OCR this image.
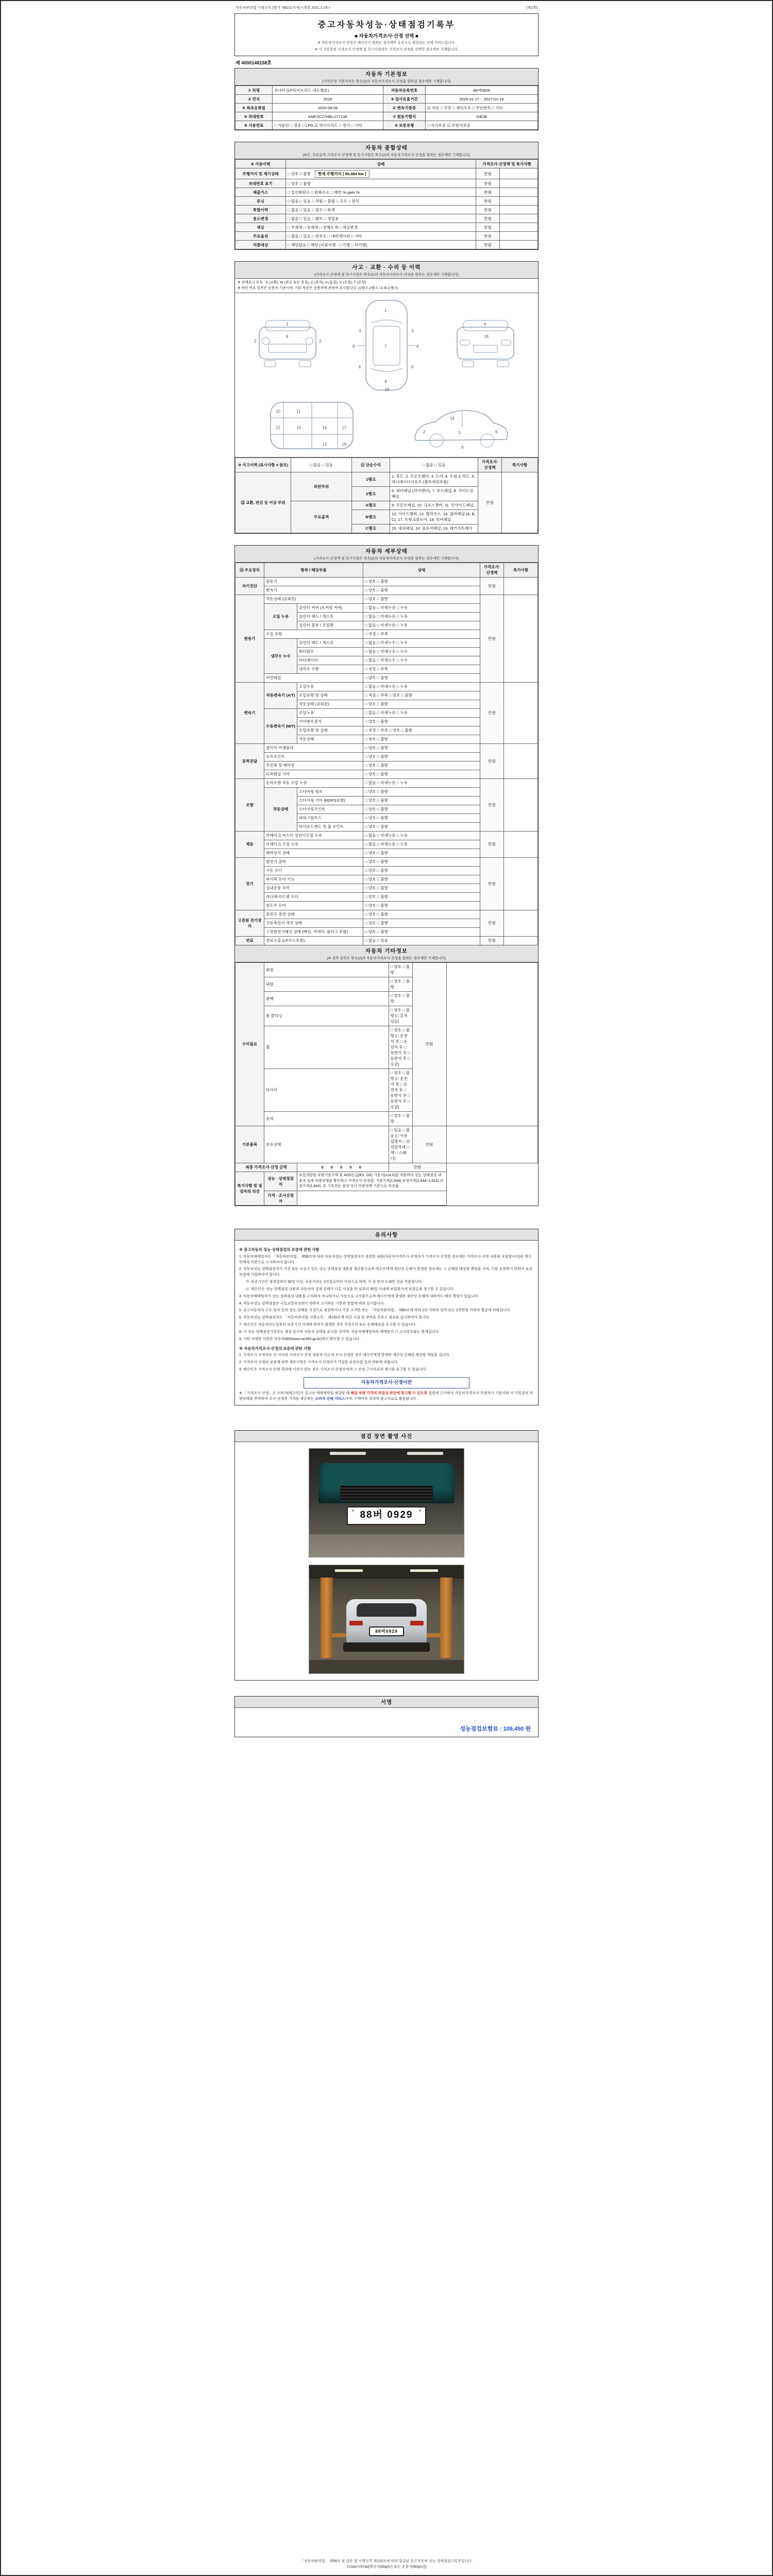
자동차관리법 시행규칙 [별지 제82호서식] <개정 2021.1.19.>	(제1쪽)
중고자동차성능·상태점검기록부
■ 자동차가격조사·산정 선택 ■
※ 자동차가격조사·산정은 매수인이 원하는 경우에만 유상으로 제공되는 선택 서비스입니다.
※ 이 기록부의 가격조사·산정액 및 특기사항란은 가격조사·산정을 선택한 경우에만 기재합니다.
제 4000148158호
자동차 기본정보
(가격산정 기준가격은 복수(2)의 자동차가격조사·산정을 원하실 경우에만 기재합니다)
① 차명	쏘나타 (LF하이브리드 네오밸류)	자동차등록번호	88버0929
② 연식	2020	③ 검사유효기간	2026-01-17 ~ 2027-01-16
④ 최초등록일	2020-06-06	⑤ 변속기종류	☑ 자동 □ 수동 □ 세미오토 □ 무단변속 □ 기타
⑥ 차대번호	KMF2C27HBLU77139	⑦ 원동기형식	D4CB
⑧ 사용연료	□ 가솔린 □ 경유 □ LPG ☑ 하이브리드 □ 전기 □ 기타	⑨ 보증유형	□ 자가보증 ☑ 보험사보증
자동차 종합상태
(※은, 주요골격·가격조사·산정액 및 특기사항은 복수(2)의 자동차가격조사·산정을 원하는 경우에만 기재합니다)
⑨ 사용이력	상태	가격조사·산정액 및 특기사항	
주행거리 및 계기상태	□ 양호 □ 불량 현재 주행거리 [ 90,484 km ]	만원	
차대번호 표기	□ 양호 □ 불량	만원	
배출가스	□ 일산화탄소 □ 탄화수소 □ 매연 % ppm %	만원	
튜닝	□ 없음 □ 있음 □ 적법 □ 불법 □ 구조 □ 장치	만원	
특별이력	□ 없음 □ 있음 □ 침수 □ 화재	만원	
용도변경	□ 없음 □ 있음 □ 렌트 □ 영업용	만원	
색상	□ 무채색 □ 유채색 □ 전체도색 □ 색상변경	만원	
주요옵션	□ 없음 □ 있음 □ 썬루프 □ 네비게이션 □ 기타	만원	
리콜대상	□ 해당없음 □ 해당 (리콜이행 : □ 이행 □ 미이행)	만원	
사고 · 교환 · 수리 등 이력
(가격조사·산정액 및 특기사항은 복수(2)의 자동차가격조사·산정을 원하는 경우에만 기재합니다)
※ 상태표시 부호 : X (교환), W (판금 또는 용접), C (부식), A (흠집), U (요철), T (손상)
※ 하단 번호 항목은 승용차 기준이며, 기타 차종은 승용차에 준하여 표시합니다. (1랭크·2랭크 / A·B·C랭크)
9
1
2	2
1
7
4
3	3
6	6
18
8	8
18
4
10	11
12	15	16	17
13	19
14
2	3	6
8
⑩ 사고이력 (표시사항 4 참조)	□ 없음 □ 있음	⑪ 단순수리	□ 없음 □ 있음	가격조사·산정액	특기사항
⑫ 교환, 판금 등 이상 부위	외판부위	1랭크	1. 후드, 2. 프론트펜더, 3. 도어, 4. 트렁크 리드, 5. 라디에이터서포트 (볼트체결부품)	만원	
		2랭크	6. 쿼터패널 (리어펜더), 7. 루프패널, 8. 사이드실패널		
	주요골격	A랭크	9. 프론트패널, 10. 크로스멤버, 11. 인사이드패널		
		B랭크	12. 사이드멤버, 13. 휠하우스, 14. 필러패널 (A, B, C), 17. 트렁크플로어, 18. 리어패널		
		C랭크	15. 대쉬패널, 16. 플로어패널, 19. 패키지트레이		
자동차 세부상태
(가격조사·산정액 및 특기사항은 복수(2)의 자동차가격조사·산정을 원하는 경우에만 기재합니다)
⑬ 주요장치	항목 / 해당부품		상태	가격조사·산정액	특기사항
자기진단	원동기		□ 양호 □ 불량	만원	
	변속기		□ 양호 □ 불량		
원동기	작동상태 (공회전)		□ 양호 □ 불량	만원	
	오일 누유	실린더 커버 (로커암 커버)	□ 없음 □ 미세누유 □ 누유		
		실린더 헤드 / 개스킷	□ 없음 □ 미세누유 □ 누유		
		실린더 블록 / 오일팬	□ 없음 □ 미세누유 □ 누유		
	오일 유량		□ 적정 □ 부족		
	냉각수 누수	실린더 헤드 / 개스킷	□ 없음 □ 미세누수 □ 누수		
		워터펌프	□ 없음 □ 미세누수 □ 누수		
		라디에이터	□ 없음 □ 미세누수 □ 누수		
		냉각수 수량	□ 적정 □ 부족		
	커먼레일		□ 양호 □ 불량		
변속기	자동변속기 (A/T)	오일누유	□ 없음 □ 미세누유 □ 누유	만원	
		오일유량 및 상태	□ 적정 □ 부족 □ 양호 □ 불량		
		작동상태 (공회전)	□ 양호 □ 불량		
	수동변속기 (M/T)	오일누유	□ 없음 □ 미세누유 □ 누유		
		기어변속장치	□ 양호 □ 불량		
		오일유량 및 상태	□ 적정 □ 부족 □ 양호 □ 불량		
		작동상태	□ 양호 □ 불량		
동력전달	클러치 어셈블리		□ 양호 □ 불량	만원	
	등속조인트		□ 양호 □ 불량		
	추진축 및 베어링		□ 양호 □ 불량		
	디퍼렌셜 기어		□ 양호 □ 불량		
조향	동력조향 작동 오일 누유		□ 없음 □ 미세누유 □ 누유	만원	
	작동상태	스티어링 펌프	□ 양호 □ 불량		
		스티어링 기어 (MDPS포함)	□ 양호 □ 불량		
		스티어링조인트	□ 양호 □ 불량		
		파워고압호스	□ 양호 □ 불량		
		타이로드엔드 및 볼 조인트	□ 양호 □ 불량		
제동	브레이크 마스터 실린더오일 누유		□ 없음 □ 미세누유 □ 누유	만원	
	브레이크 오일 누유		□ 없음 □ 미세누유 □ 누유		
	배력장치 상태		□ 양호 □ 불량		
전기	발전기 출력		□ 양호 □ 불량	만원	
	시동 모터		□ 양호 □ 불량		
	와이퍼 모터 기능		□ 양호 □ 불량		
	실내송풍 모터		□ 양호 □ 불량		
	라디에이터 팬 모터		□ 양호 □ 불량		
	윈도우 모터		□ 양호 □ 불량		
고전원 전기장치	충전구 절연 상태		□ 양호 □ 불량	만원	
	구동축전지 격리 상태		□ 양호 □ 불량		
	고전원전기배선 상태 (배선, 커넥터, 플러그 포함)		□ 양호 □ 불량		
연료	연료누출 (LP가스포함)		□ 없음 □ 있음	만원	
자동차 기타정보
(※ 장착 항목은 복수(2)의 자동차가격조사·산정을 원하는 경우에만 기재합니다)
수리필요	외장		□ 양호 □ 불량	만원	
	내장		□ 양호 □ 불량		
	광택		□ 양호 □ 불량		
	룸 클리닝		□ 양호 □ 불량 (□ 흔적있음)		
	휠		□ 양호 □ 불량 (□ 운전석 전 □ 운전석 후 □ 동반석 전 □ 동반석 후 □ 응급)		
	타이어		□ 양호 □ 불량 (□ 운전석 전 □ 운전석 후 □ 동반석 전 □ 동반석 후 □ 응급)		
	유리		□ 양호 □ 불량		
기본품목	보유상태		□ 있음 □ 없음 (□ 사용설명서 □ 안전삼각대 □ 잭 □ 스패너)	만원	
최종 가격조사·산정 금액		0 0 0 0 0	만원		
특기사항 및 점검자의 의견	성능 · 상태점검자	보험개발원 차량기준가액 및 AOS등급(EX, DS) 기준서(v14.0)를 적용하여 성능·상태점검 내용과 실제 차량상태를 확인하고 가격조사·산정함. 기준가격(1,644) 보정가격(1,644~1,913) 산정가격(1,644). 본 기록부는 점검 당시 차량상태 기준으로 작성됨.			
	가격 · 조사산정자				
유의사항
※ 중고자동차 성능·상태점검의 보증에 관한 사항
1. 자동차매매업자는 「자동차관리법」 제58조에 따라 자동차성능·상태점검자가 점검한 내용(자동차가격조사·산정자가 가격조사·산정한 경우에는 가격조사·산정 내용을 포함합니다)을 매수인에게 서면으로 고지하여야 합니다.
2. 자동차성능·상태점검자가 거짓 또는 오류가 있는 성능·상태점검 내용을 제공함으로써 매수인에게 재산상 손해가 발생한 경우에는 그 손해를 배상할 책임을 지며, 이를 보장하기 위하여 보증보험에 가입하여야 합니다.
가. 보증기간은 점검일부터 30일 이상, 보증거리는 2천킬로미터 이상으로 하며, 이 중 먼저 도래한 것을 적용합니다.
나. 매수인은 성능·상태점검 내용과 자동차의 실제 상태가 다른 사실을 안 날부터 30일 이내에 보험회사에 보험금을 청구할 수 있습니다.
3. 자동차매매업자가 성능·상태점검 내용을 고지하지 아니하거나 거짓으로 고지함으로써 매수인에게 발생한 재산상 손해에 대하여도 배상 책임이 있습니다.
4. 자동차성능·상태점검은 국토교통부장관이 정하여 고시하는 기준과 방법에 따라 실시합니다.
5. 중고자동차의 구조·장치 등의 성능·상태를 거짓으로 점검하거나 거짓 고지한 자는 「자동차관리법」 제80조에 따라 2년 이하의 징역 또는 2천만원 이하의 벌금에 처해집니다.
6. 자동차성능·상태점검자는 「자동차관리법 시행규칙」 제120조에 따른 시설 및 장비를 갖추고 점검을 실시하여야 합니다.
7. 매수인은 자동차인도일부터 보증기간 이내에 하자가 발생한 경우 무상수리 또는 손해배상을 요구할 수 있습니다.
8. 이 성능·상태점검기록부는 점검 당시의 자동차 상태를 표시한 것이며, 자동차매매업자의 매매알선 시 고지의무와는 별개입니다.
9. 기타 자세한 사항은 자동차365(www.car365.go.kr)에서 확인할 수 있습니다.
※ 자동차가격조사·산정의 보증에 관한 사항
1. 가격조사·산정자는 이 서식의 가격조사·산정 내용과 다르게 조사·산정한 경우 매수인에게 발생한 재산상 손해를 배상할 책임을 집니다.
2. 가격조사·산정의 보증에 관한 세부사항은 가격조사·산정자가 가입한 보증보험 등의 약관에 따릅니다.
3. 매수인은 가격조사·산정 결과에 이의가 있는 경우 가격조사·산정자에게 그 산정 근거자료의 제시를 요구할 수 있습니다.
자동차가격조사·산정이란
※ 「가격조사·산정」은 소비자(매수인)가 중고차 매매계약을 체결할 때 해당 차량 가격의 적절성 판단에 참고할 수 있도록 법령에 근거하여 자동차가격조사·산정자가 기준서와 이 기록부의 차량상태를 반영하여 조사·산정한 가격을 제공하는 소비자 선택 서비스이며, 구매여부 결정에 참고자료로 활용됩니다.
점검 장면 촬영 사진
88버 0929
88버0929
서명
성능점검보험료 : 109,450 원
「자동차관리법」 제58조 및 같은 법 시행규칙 제120조에 따라 발급된 중고자동차 성능·상태점검기록부입니다.
210㎜×297㎜[백상지(80g/㎡) 또는 중질지(80g/㎡)]
